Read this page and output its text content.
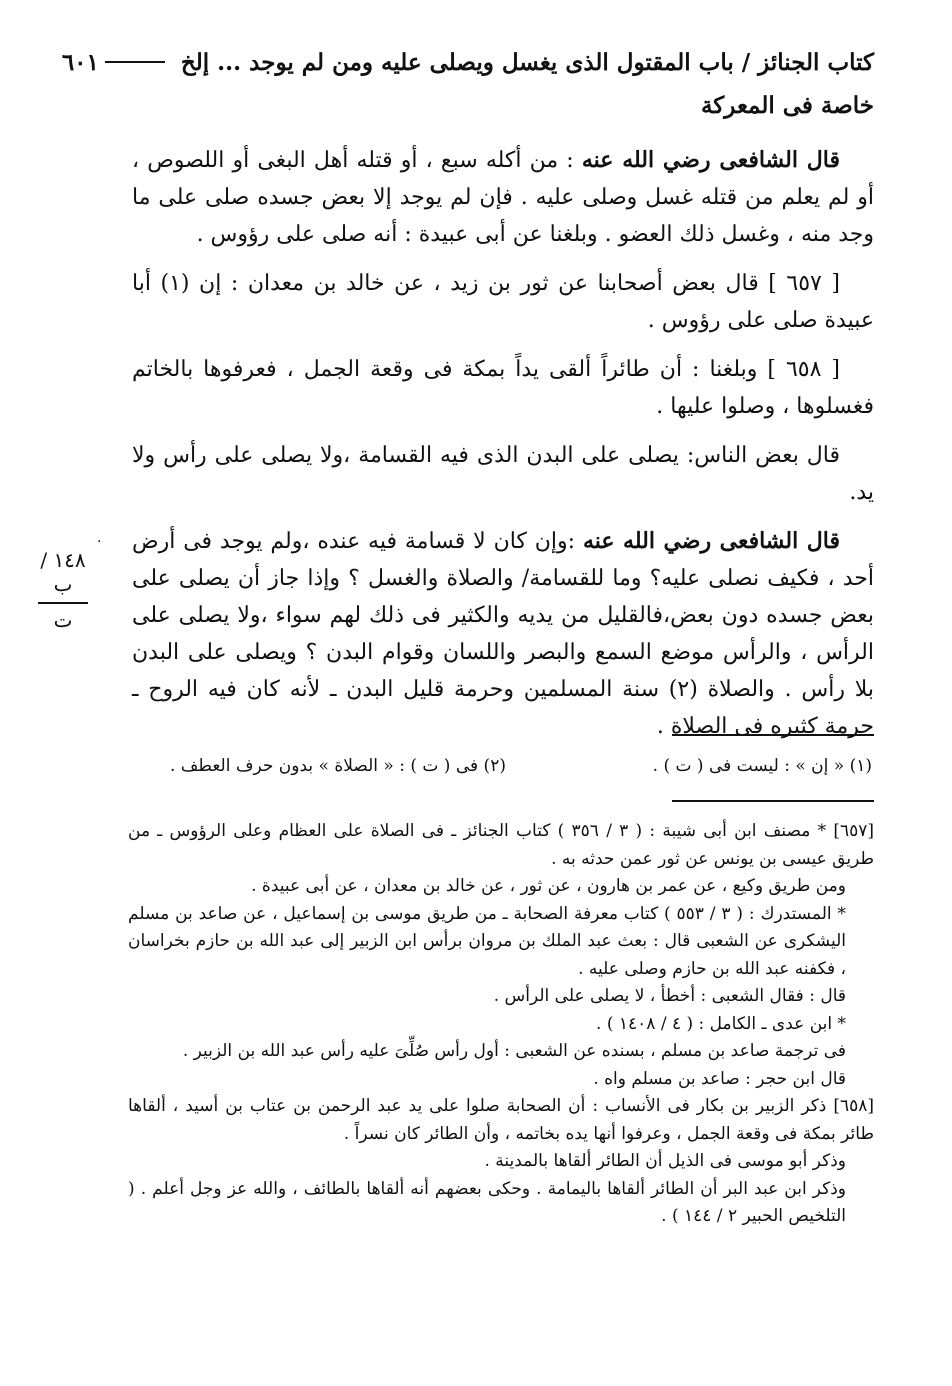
كتاب الجنائز / باب المقتول الذى يغسل ويصلى عليه ومن لم يوجد ... إلخ
٦٠١
خاصة فى المعركة

قال الشافعى رضي الله عنه : من أكله سبع ، أو قتله أهل البغى أو اللصوص ، أو لم يعلم من قتله غسل وصلى عليه . فإن لم يوجد إلا بعض جسده صلى على ما وجد منه ، وغسل ذلك العضو . وبلغنا عن أبى عبيدة : أنه صلى على رؤوس .

[ ٦٥٧ ] قال بعض أصحابنا عن ثور بن زيد ، عن خالد بن معدان : إن (١) أبا عبيدة صلى على رؤوس .

[ ٦٥٨ ] وبلغنا : أن طائراً ألقى يداً بمكة فى وقعة الجمل ، فعرفوها بالخاتم فغسلوها ، وصلوا عليها .

قال بعض الناس: يصلى على البدن الذى فيه القسامة ،ولا يصلى على رأس ولا يد.

قال الشافعى رضي الله عنه :وإن كان لا قسامة فيه عنده ،ولم يوجد فى أرض أحد ، فكيف نصلى عليه؟ وما للقسامة/ والصلاة والغسل ؟ وإذا جاز أن يصلى على بعض جسده دون بعض،فالقليل من يديه والكثير فى ذلك لهم سواء ،ولا يصلى على الرأس ، والرأس موضع السمع والبصر واللسان وقوام البدن ؟ ويصلى على البدن بلا رأس . والصلاة (٢) سنة المسلمين وحرمة قليل البدن ـ لأنه كان فيه الروح ـ حرمة كثيره فى الصلاة .

.
١٤٨ /ب
ت
(١) « إن » : ليست فى ( ت ) .
(٢) فى ( ت ) : « الصلاة » بدون حرف العطف .

[٦٥٧] * مصنف ابن أبى شيبة : ( ٣ / ٣٥٦ ) كتاب الجنائز ـ فى الصلاة على العظام وعلى الرؤوس ـ من طريق عيسى بن يونس عن ثور عمن حدثه به .

ومن طريق وكيع ، عن عمر بن هارون ، عن ثور ، عن خالد بن معدان ، عن أبى عبيدة .

* المستدرك : ( ٣ / ٥٥٣ ) كتاب معرفة الصحابة ـ من طريق موسى بن إسماعيل ، عن صاعد بن مسلم اليشكرى عن الشعبى قال : بعث عبد الملك بن مروان برأس ابن الزبير إلى عبد الله بن حازم بخراسان ، فكفنه عبد الله بن حازم وصلى عليه .

قال : فقال الشعبى : أخطأ ، لا يصلى على الرأس .

* ابن عدى ـ الكامل : ( ٤ / ١٤٠٨ ) .

فى ترجمة صاعد بن مسلم ، بسنده عن الشعبى : أول رأس صُلِّىَ عليه رأس عبد الله بن الزبير .

قال ابن حجر : صاعد بن مسلم واه .

[٦٥٨] ذكر الزبير بن بكار فى الأنساب : أن الصحابة صلوا على يد عبد الرحمن بن عتاب بن أسيد ، ألقاها طائر بمكة فى وقعة الجمل ، وعرفوا أنها يده بخاتمه ، وأن الطائر كان نسراً .

وذكر أبو موسى فى الذيل أن الطائر ألقاها بالمدينة .

وذكر ابن عبد البر أن الطائر ألقاها باليمامة . وحكى بعضهم أنه ألقاها بالطائف ، والله عز وجل أعلم . ( التلخيص الحبير ٢ / ١٤٤ ) .
